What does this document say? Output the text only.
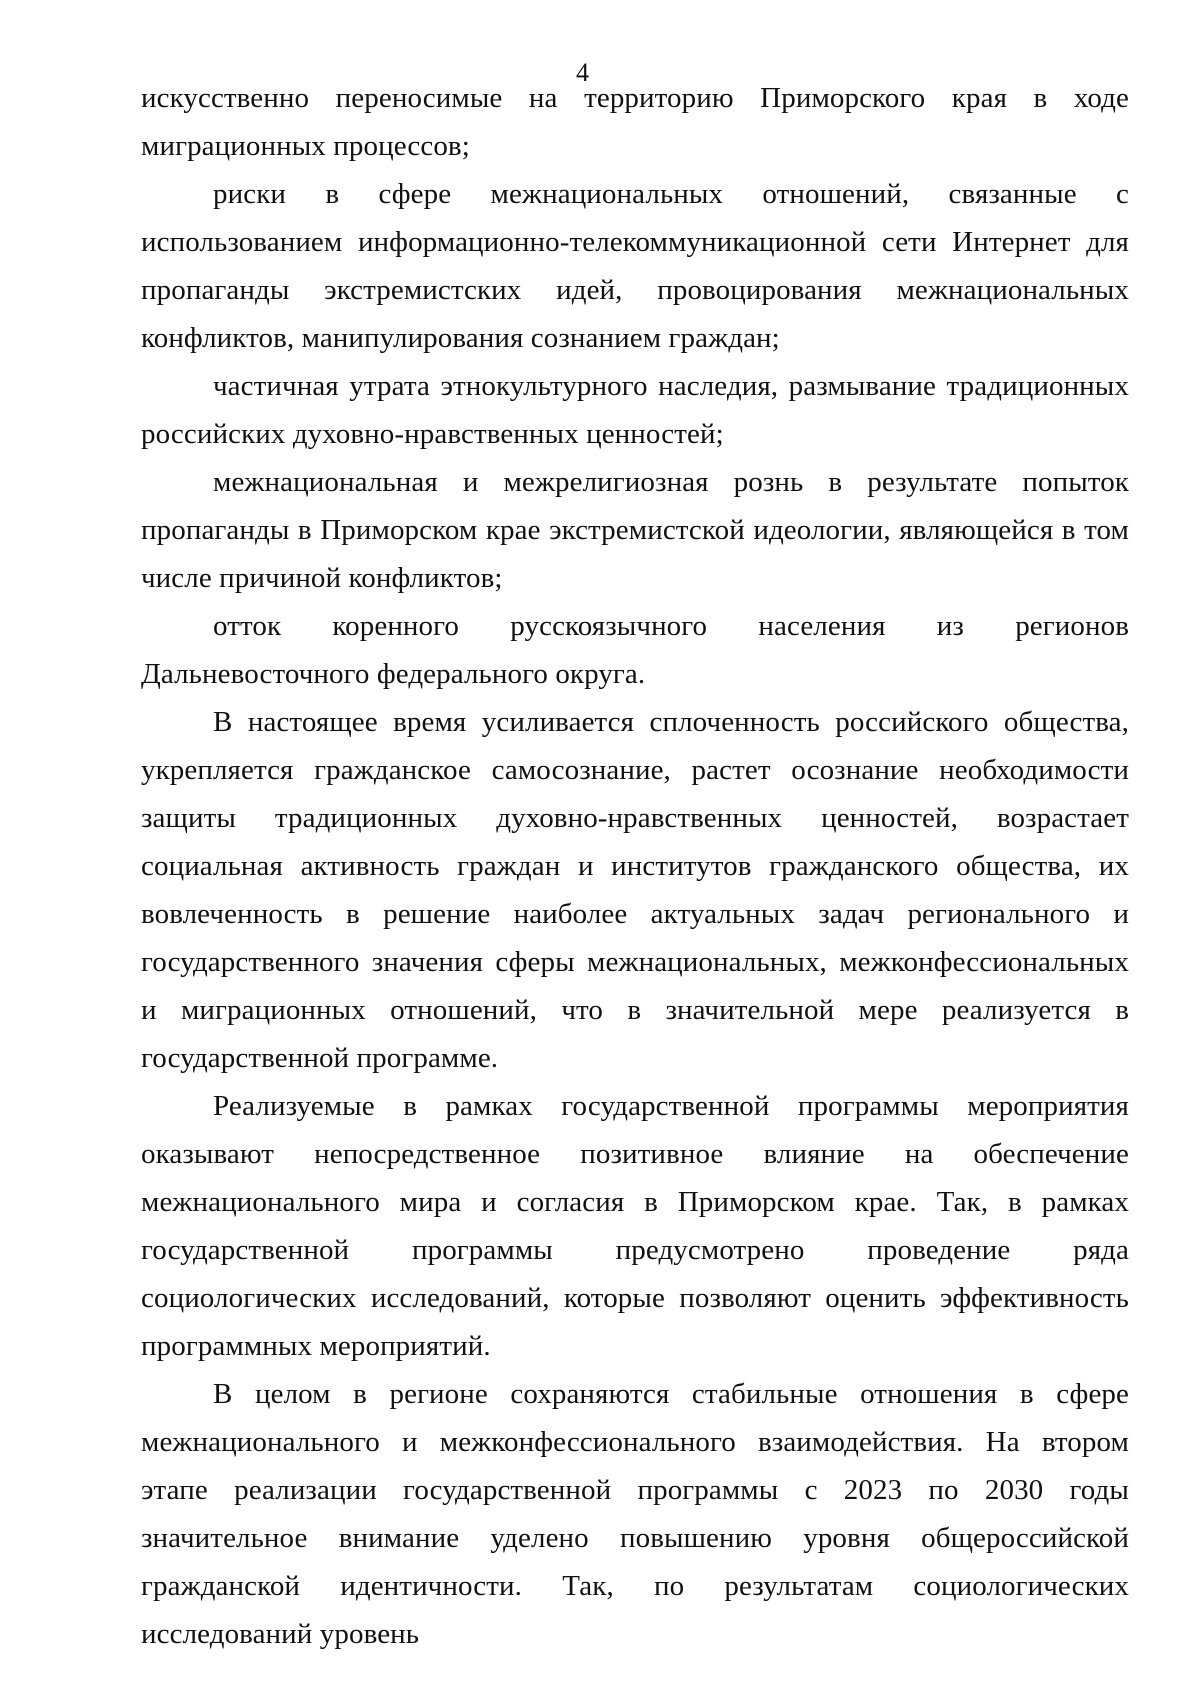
4

искусственно переносимые на территорию Приморского края в ходе миграционных процессов;

риски в сфере межнациональных отношений, связанные с использованием информационно-телекоммуникационной сети Интернет для пропаганды экстремистских идей, провоцирования межнациональных конфликтов, манипулирования сознанием граждан;

частичная утрата этнокультурного наследия, размывание традиционных российских духовно-нравственных ценностей;

межнациональная и межрелигиозная рознь в результате попыток пропаганды в Приморском крае экстремистской идеологии, являющейся в том числе причиной конфликтов;

отток коренного русскоязычного населения из регионов Дальневосточного федерального округа.

В настоящее время усиливается сплоченность российского общества, укрепляется гражданское самосознание, растет осознание необходимости защиты традиционных духовно-нравственных ценностей, возрастает социальная активность граждан и институтов гражданского общества, их вовлеченность в решение наиболее актуальных задач регионального и государственного значения сферы межнациональных, межконфессиональных и миграционных отношений, что в значительной мере реализуется в государственной программе.

Реализуемые в рамках государственной программы мероприятия оказывают непосредственное позитивное влияние на обеспечение межнационального мира и согласия в Приморском крае. Так, в рамках государственной программы предусмотрено проведение ряда социологических исследований, которые позволяют оценить эффективность программных мероприятий.

В целом в регионе сохраняются стабильные отношения в сфере межнационального и межконфессионального взаимодействия. На втором этапе реализации государственной программы с 2023 по 2030 годы значительное внимание уделено повышению уровня общероссийской гражданской идентичности. Так, по результатам социологических исследований уровень
